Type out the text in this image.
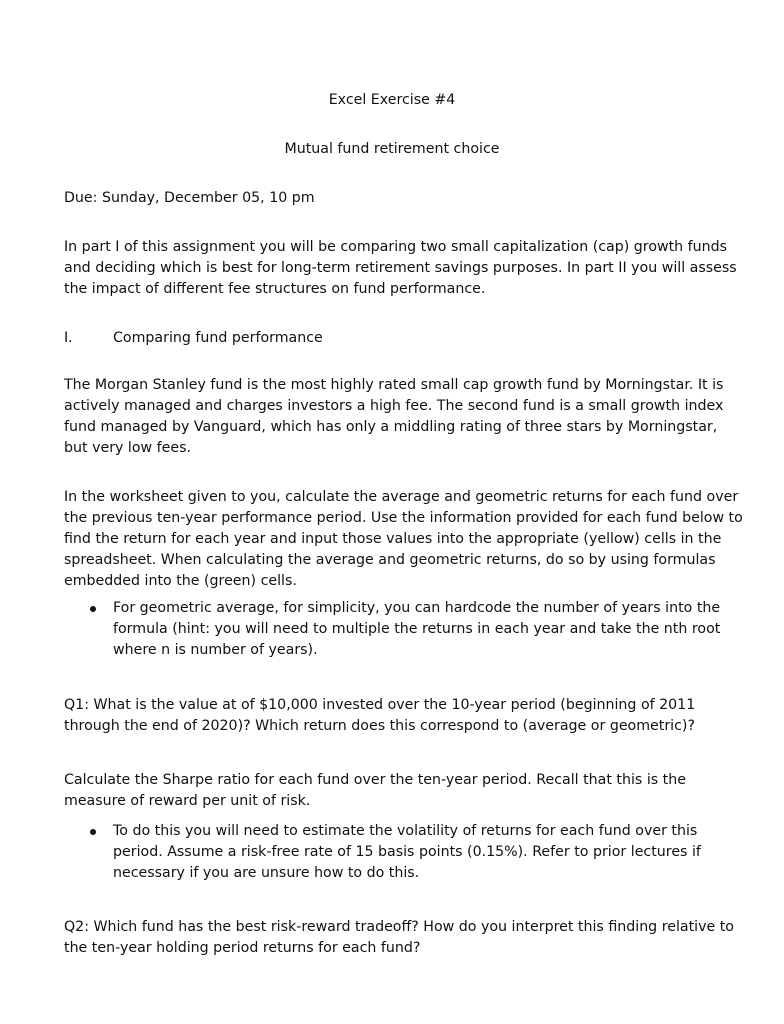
Excel Exercise #4
Mutual fund retirement choice

Due: Sunday, December 05, 10 pm

In part I of this assignment you will be comparing two small capitalization (cap) growth funds and deciding which is best for long-term retirement savings purposes. In part II you will assess the impact of different fee structures on fund performance.

I.	Comparing fund performance

The Morgan Stanley fund is the most highly rated small cap growth fund by Morningstar. It is actively managed and charges investors a high fee. The second fund is a small growth index fund managed by Vanguard, which has only a middling rating of three stars by Morningstar, but very low fees.

In the worksheet given to you, calculate the average and geometric returns for each fund over the previous ten-year performance period. Use the information provided for each fund below to find the return for each year and input those values into the appropriate (yellow) cells in the spreadsheet. When calculating the average and geometric returns, do so by using formulas embedded into the (green) cells.

For geometric average, for simplicity, you can hardcode the number of years into the formula (hint: you will need to multiple the returns in each year and take the nth root where n is number of years).

Q1: What is the value at of $10,000 invested over the 10-year period (beginning of 2011 through the end of 2020)? Which return does this correspond to (average or geometric)?

Calculate the Sharpe ratio for each fund over the ten-year period. Recall that this is the measure of reward per unit of risk.

To do this you will need to estimate the volatility of returns for each fund over this period. Assume a risk-free rate of 15 basis points (0.15%). Refer to prior lectures if necessary if you are unsure how to do this.

Q2: Which fund has the best risk-reward tradeoff? How do you interpret this finding relative to the ten-year holding period returns for each fund?
